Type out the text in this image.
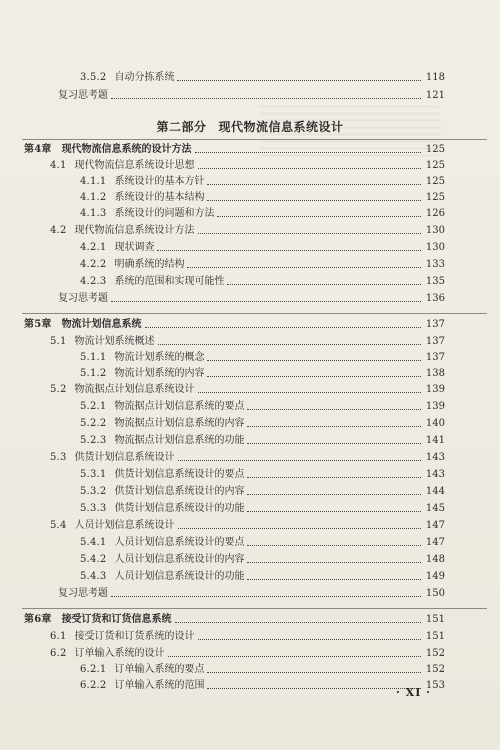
3.5.2 自动分拣系统	118
复习思考题	121
第二部分 现代物流信息系统设计
第4章 现代物流信息系统的设计方法	125
4.1 现代物流信息系统设计思想	125
4.1.1 系统设计的基本方针	125
4.1.2 系统设计的基本结构	125
4.1.3 系统设计的问题和方法	126
4.2 现代物流信息系统设计方法	130
4.2.1 现状调查	130
4.2.2 明确系统的结构	133
4.2.3 系统的范围和实现可能性	135
复习思考题	136
第5章 物流计划信息系统	137
5.1 物流计划系统概述	137
5.1.1 物流计划系统的概念	137
5.1.2 物流计划系统的内容	138
5.2 物流据点计划信息系统设计	139
5.2.1 物流据点计划信息系统的要点	139
5.2.2 物流据点计划信息系统的内容	140
5.2.3 物流据点计划信息系统的功能	141
5.3 供货计划信息系统设计	143
5.3.1 供货计划信息系统设计的要点	143
5.3.2 供货计划信息系统设计的内容	144
5.3.3 供货计划信息系统设计的功能	145
5.4 人员计划信息系统设计	147
5.4.1 人员计划信息系统设计的要点	147
5.4.2 人员计划信息系统设计的内容	148
5.4.3 人员计划信息系统设计的功能	149
复习思考题	150
第6章 接受订货和订货信息系统	151
6.1 接受订货和订货系统的设计	151
6.2 订单输入系统的设计	152
6.2.1 订单输入系统的要点	152
6.2.2 订单输入系统的范围	153
· XI ·
